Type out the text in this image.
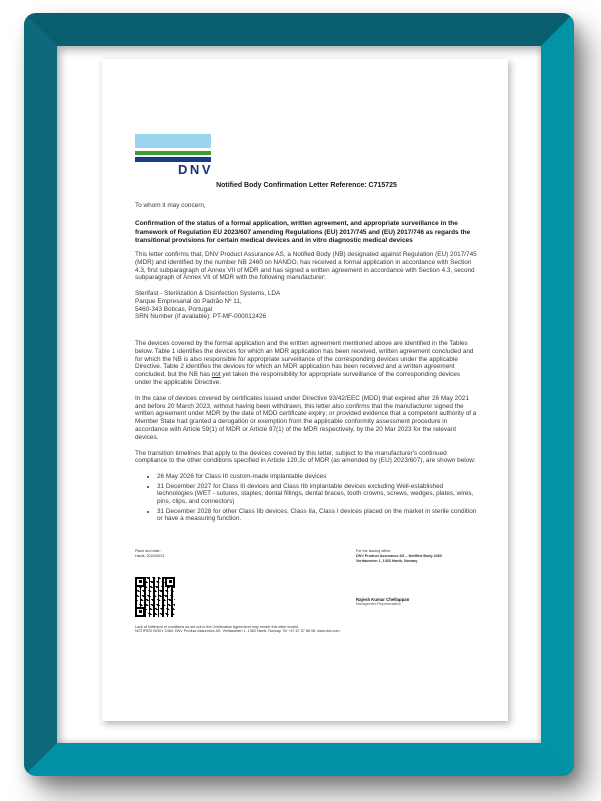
DNV
Notified Body Confirmation Letter Reference: C715725
To whom it may concern,
Confirmation of the status of a formal application, written agreement, and appropriate surveillance in the framework of Regulation EU 2023/607 amending Regulations (EU) 2017/745 and (EU) 2017/746 as regards the transitional provisions for certain medical devices and in vitro diagnostic medical devices
This letter confirms that, DNV Product Assurance AS, a Notified Body (NB) designated against Regulation (EU) 2017/745 (MDR) and identified by the number NB 2460 on NANDO, has received a formal application in accordance with Section 4.3, first subparagraph of Annex VII of MDR and has signed a written agreement in accordance with Section 4.3, second subparagraph of Annex VII of MDR with the following manufacturer:
Sterifast - Sterilization & Disinfection Systems, LDA
Parque Empresarial do Padrão Nº 11,
5460-343 Boticas, Portugal
SRN Number (if available): PT-MF-000012426
The devices covered by the formal application and the written agreement mentioned above are identified in the Tables below. Table 1 identifies the devices for which an MDR application has been received, written agreement concluded and for which the NB is also responsible for appropriate surveillance of the corresponding devices under the applicable Directive. Table 2 identifies the devices for which an MDR application has been received and a written agreement concluded, but the NB has not yet taken the responsibility for appropriate surveillance of the corresponding devices under the applicable Directive.
In the case of devices covered by certificates issued under Directive 93/42/EEC (MDD) that expired after 26 May 2021 and before 20 March 2023, without having been withdrawn, this letter also confirms that the manufacturer signed the written agreement under MDR by the date of MDD certificate expiry; or provided evidence that a competent authority of a Member State had granted a derogation or exemption from the applicable conformity assessment procedure in accordance with Article 59(1) of MDR or Article 97(1) of the MDR respectively, by the 20 Mar 2023 for the relevant devices.
The transition timelines that apply to the devices covered by this letter, subject to the manufacturer's continued compliance to the other conditions specified in Article 120.3c of MDR (as amended by (EU) 2023/607), are shown below:
• 26 May 2026 for Class III custom-made implantable devices
• 31 December 2027 for Class III devices and Class IIb implantable devices excluding Well-established technologies (WET - sutures, staples, dental fillings, dental braces, tooth crowns, screws, wedges, plates, wires, pins, clips, and connectors)
• 31 December 2028 for other Class IIb devices, Class IIa, Class I devices placed on the market in sterile condition or have a measuring function.
Place and date:
Høvik, 2024/09/11
For the issuing office:
DNV Product Assurance AS – Notified Body 2460
Veritasveien 1, 1363 Høvik, Norway
Rajesh Kumar Chellappan
Management Representative
Lack of fulfilment of conditions as set out in the Certification Agreement may render this letter invalid.
NOTIFIED BODY 2460: DNV Product Assurance AS, Veritasveien 1, 1363 Høvik, Norway, Tel +47 67 57 88 08, www.dnv.com
